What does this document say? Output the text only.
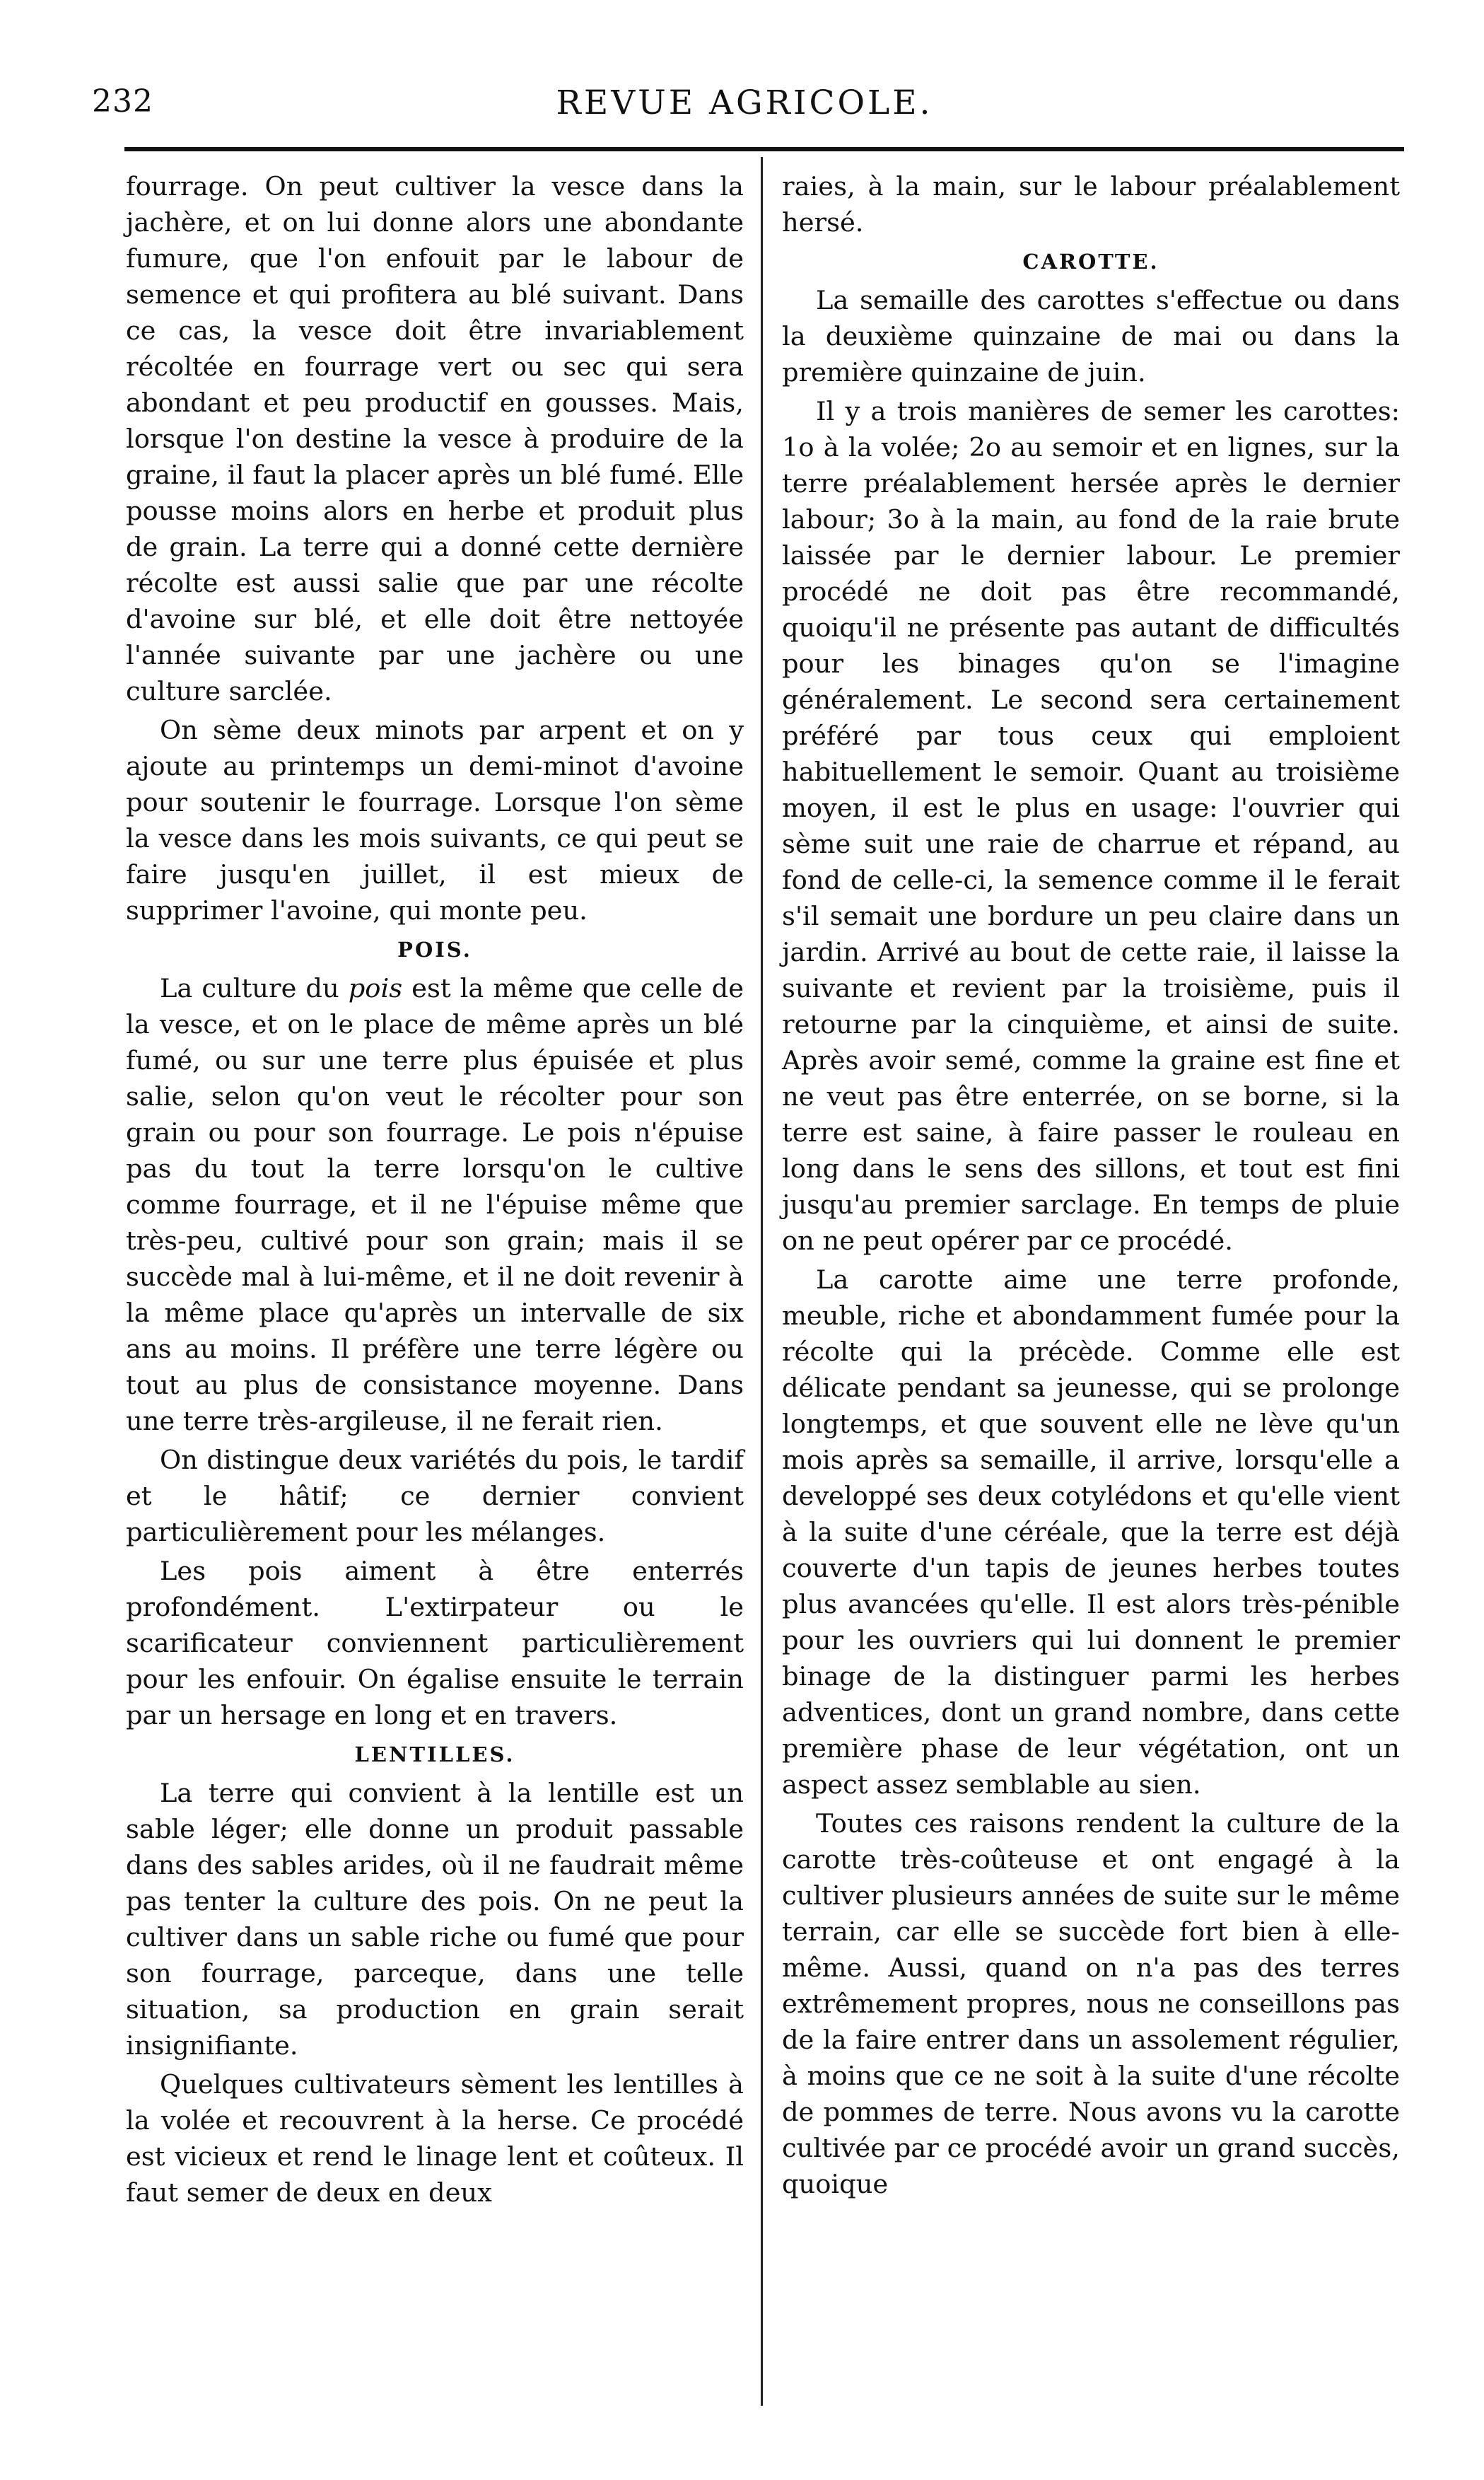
232	REVUE AGRICOLE.

fourrage. On peut cultiver la vesce dans la jachère, et on lui donne alors une abondante fumure, que l'on enfouit par le labour de semence et qui profitera au blé suivant. Dans ce cas, la vesce doit être invariablement récoltée en fourrage vert ou sec qui sera abondant et peu productif en gousses. Mais, lorsque l'on destine la vesce à produire de la graine, il faut la placer après un blé fumé. Elle pousse moins alors en herbe et produit plus de grain. La terre qui a donné cette dernière récolte est aussi salie que par une récolte d'avoine sur blé, et elle doit être nettoyée l'année suivante par une jachère ou une culture sarclée.

On sème deux minots par arpent et on y ajoute au printemps un demi-minot d'avoine pour soutenir le fourrage. Lorsque l'on sème la vesce dans les mois suivants, ce qui peut se faire jusqu'en juillet, il est mieux de supprimer l'avoine, qui monte peu.

POIS.

La culture du pois est la même que celle de la vesce, et on le place de même après un blé fumé, ou sur une terre plus épuisée et plus salie, selon qu'on veut le récolter pour son grain ou pour son fourrage. Le pois n'épuise pas du tout la terre lorsqu'on le cultive comme fourrage, et il ne l'épuise même que très-peu, cultivé pour son grain; mais il se succède mal à lui-même, et il ne doit revenir à la même place qu'après un intervalle de six ans au moins. Il préfère une terre légère ou tout au plus de consistance moyenne. Dans une terre très-argileuse, il ne ferait rien.

On distingue deux variétés du pois, le tardif et le hâtif; ce dernier convient particulièrement pour les mélanges.

Les pois aiment à être enterrés profondément. L'extirpateur ou le scarificateur conviennent particulièrement pour les enfouir. On égalise ensuite le terrain par un hersage en long et en travers.

LENTILLES.

La terre qui convient à la lentille est un sable léger; elle donne un produit passable dans des sables arides, où il ne faudrait même pas tenter la culture des pois. On ne peut la cultiver dans un sable riche ou fumé que pour son fourrage, parceque, dans une telle situation, sa production en grain serait insignifiante.

Quelques cultivateurs sèment les lentilles à la volée et recouvrent à la herse. Ce procédé est vicieux et rend le linage lent et coûteux. Il faut semer de deux en deux

raies, à la main, sur le labour préalablement hersé.

CAROTTE.

La semaille des carottes s'effectue ou dans la deuxième quinzaine de mai ou dans la première quinzaine de juin.

Il y a trois manières de semer les carottes: 1o à la volée; 2o au semoir et en lignes, sur la terre préalablement hersée après le dernier labour; 3o à la main, au fond de la raie brute laissée par le dernier labour. Le premier procédé ne doit pas être recommandé, quoiqu'il ne présente pas autant de difficultés pour les binages qu'on se l'imagine généralement. Le second sera certainement préféré par tous ceux qui emploient habituellement le semoir. Quant au troisième moyen, il est le plus en usage: l'ouvrier qui sème suit une raie de charrue et répand, au fond de celle-ci, la semence comme il le ferait s'il semait une bordure un peu claire dans un jardin. Arrivé au bout de cette raie, il laisse la suivante et revient par la troisième, puis il retourne par la cinquième, et ainsi de suite. Après avoir semé, comme la graine est fine et ne veut pas être enterrée, on se borne, si la terre est saine, à faire passer le rouleau en long dans le sens des sillons, et tout est fini jusqu'au premier sarclage. En temps de pluie on ne peut opérer par ce procédé.

La carotte aime une terre profonde, meuble, riche et abondamment fumée pour la récolte qui la précède. Comme elle est délicate pendant sa jeunesse, qui se prolonge longtemps, et que souvent elle ne lève qu'un mois après sa semaille, il arrive, lorsqu'elle a developpé ses deux cotylédons et qu'elle vient à la suite d'une céréale, que la terre est déjà couverte d'un tapis de jeunes herbes toutes plus avancées qu'elle. Il est alors très-pénible pour les ouvriers qui lui donnent le premier binage de la distinguer parmi les herbes adventices, dont un grand nombre, dans cette première phase de leur végétation, ont un aspect assez semblable au sien.

Toutes ces raisons rendent la culture de la carotte très-coûteuse et ont engagé à la cultiver plusieurs années de suite sur le même terrain, car elle se succède fort bien à elle-même. Aussi, quand on n'a pas des terres extrêmement propres, nous ne conseillons pas de la faire entrer dans un assolement régulier, à moins que ce ne soit à la suite d'une récolte de pommes de terre. Nous avons vu la carotte cultivée par ce procédé avoir un grand succès, quoique
